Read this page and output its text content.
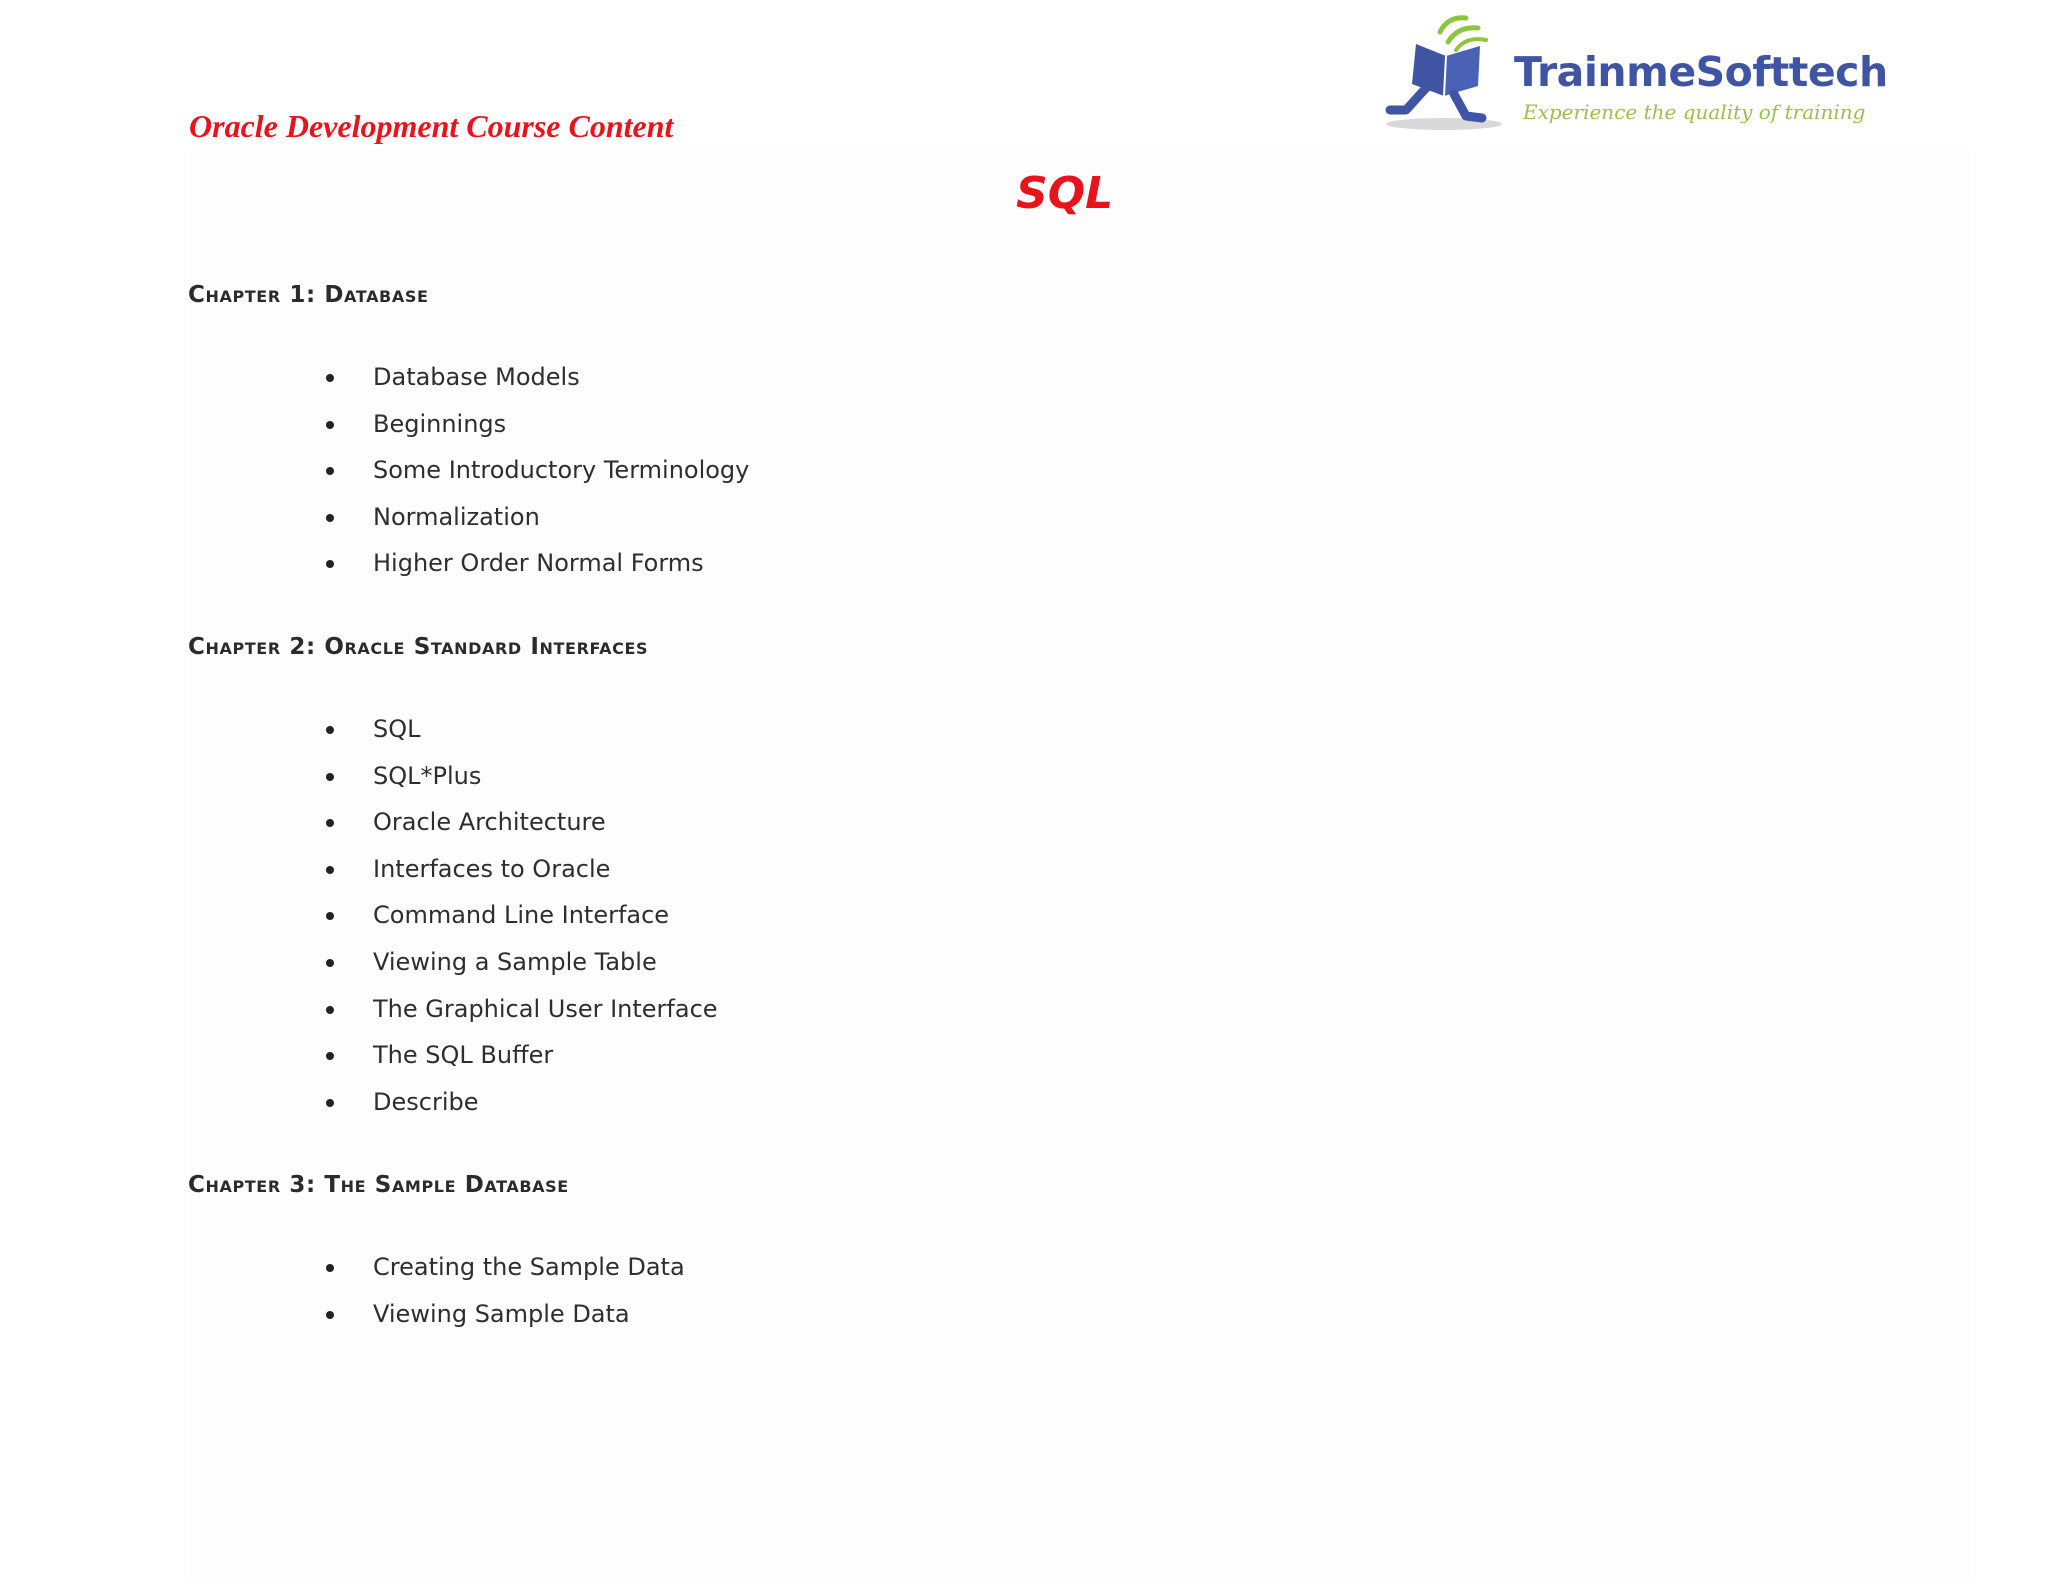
Oracle Development Course Content
TrainmeSofttech
Experience the quality of training
SQL
Chapter 1: Database
Database Models
Beginnings
Some Introductory Terminology
Normalization
Higher Order Normal Forms
Chapter 2: Oracle Standard Interfaces
SQL
SQL*Plus
Oracle Architecture
Interfaces to Oracle
Command Line Interface
Viewing a Sample Table
The Graphical User Interface
The SQL Buffer
Describe
Chapter 3: The Sample Database
Creating the Sample Data
Viewing Sample Data
